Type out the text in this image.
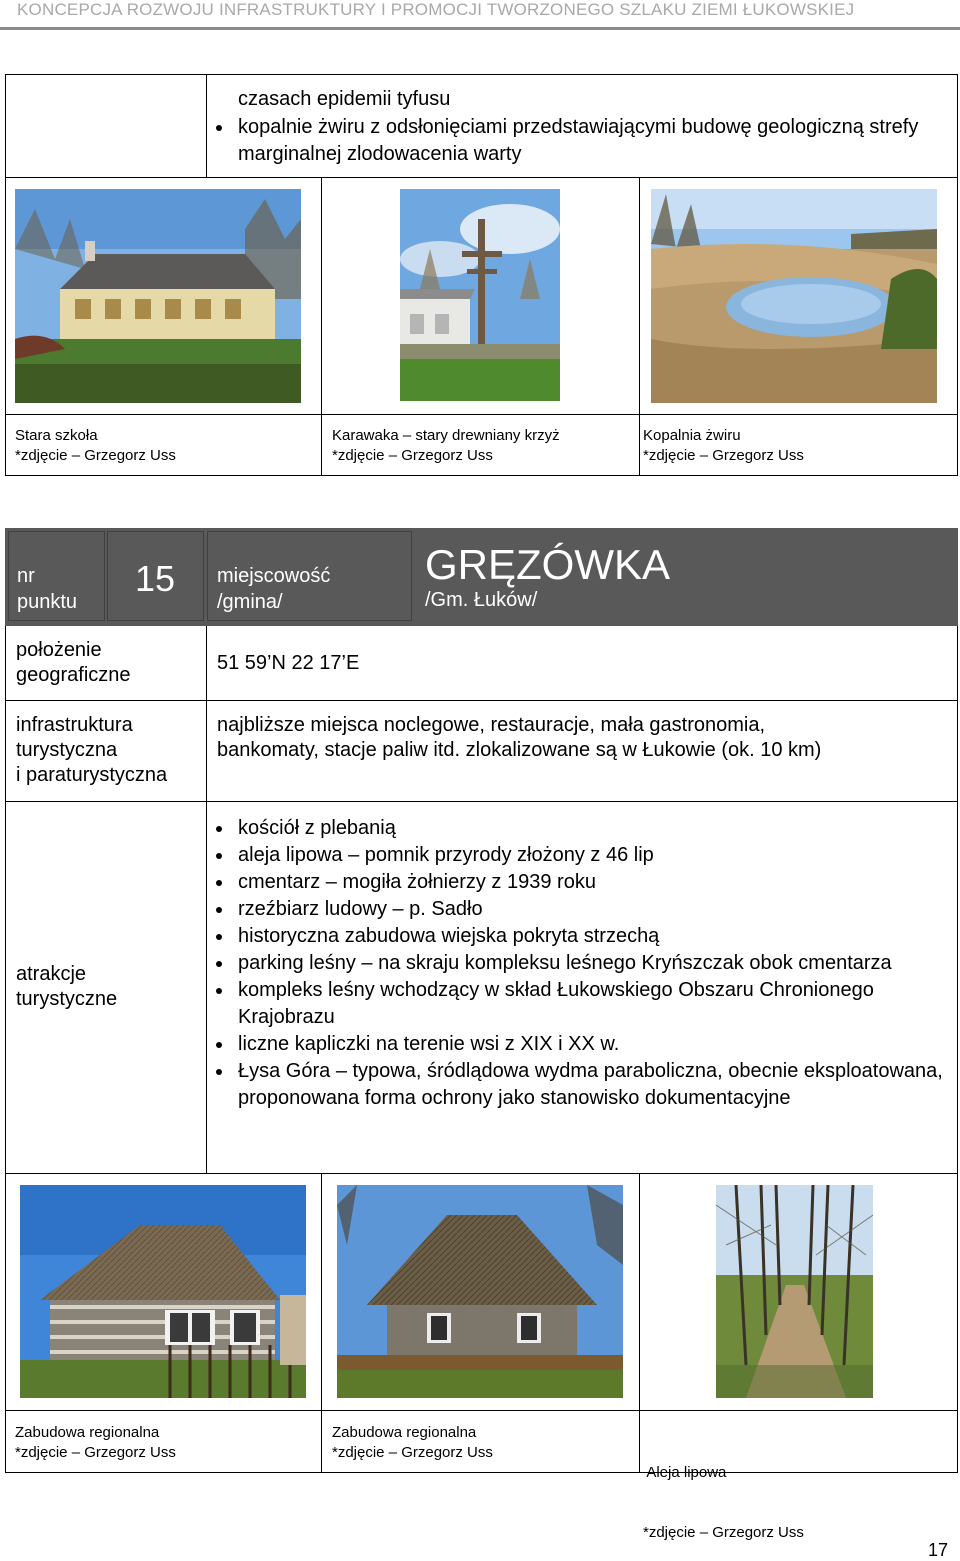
KONCEPCJA ROZWOJU INFRASTRUKTURY I PROMOCJI TWORZONEGO SZLAKU ZIEMI ŁUKOWSKIEJ
czasach epidemii tyfusu
kopalnie żwiru z odsłonięciami przedstawiającymi budowę geologiczną strefy marginalnej zlodowacenia warty
Stara szkoła
*zdjęcie – Grzegorz Uss
Karawaka – stary drewniany krzyż
*zdjęcie – Grzegorz Uss
Kopalnia żwiru
*zdjęcie – Grzegorz Uss
nr
punktu
15 miejscowość
/gmina/
GRĘZÓWKA
/Gm. Łuków/
położenie
geograficzne
51 59’N 22 17’E
infrastruktura
turystyczna
i paraturystyczna
najbliższe miejsca noclegowe, restauracje, mała gastronomia,
bankomaty, stacje paliw itd. zlokalizowane są w Łukowie (ok. 10 km)
atrakcje
turystyczne
kościół z plebanią
aleja lipowa – pomnik przyrody złożony z 46 lip
cmentarz – mogiła żołnierzy z 1939 roku
rzeźbiarz ludowy – p. Sadło
historyczna zabudowa wiejska pokryta strzechą
parking leśny – na skraju kompleksu leśnego Kryńszczak obok cmentarza
kompleks leśny wchodzący w skład Łukowskiego Obszaru Chronionego Krajobrazu
liczne kapliczki na terenie wsi z XIX i XX w.
Łysa Góra – typowa, śródlądowa wydma paraboliczna, obecnie eksploatowana, proponowana forma ochrony jako stanowisko dokumentacyjne
Zabudowa regionalna
*zdjęcie – Grzegorz Uss
Zabudowa regionalna
*zdjęcie – Grzegorz Uss

Aleja lipowa

*zdjęcie – Grzegorz Uss

17
